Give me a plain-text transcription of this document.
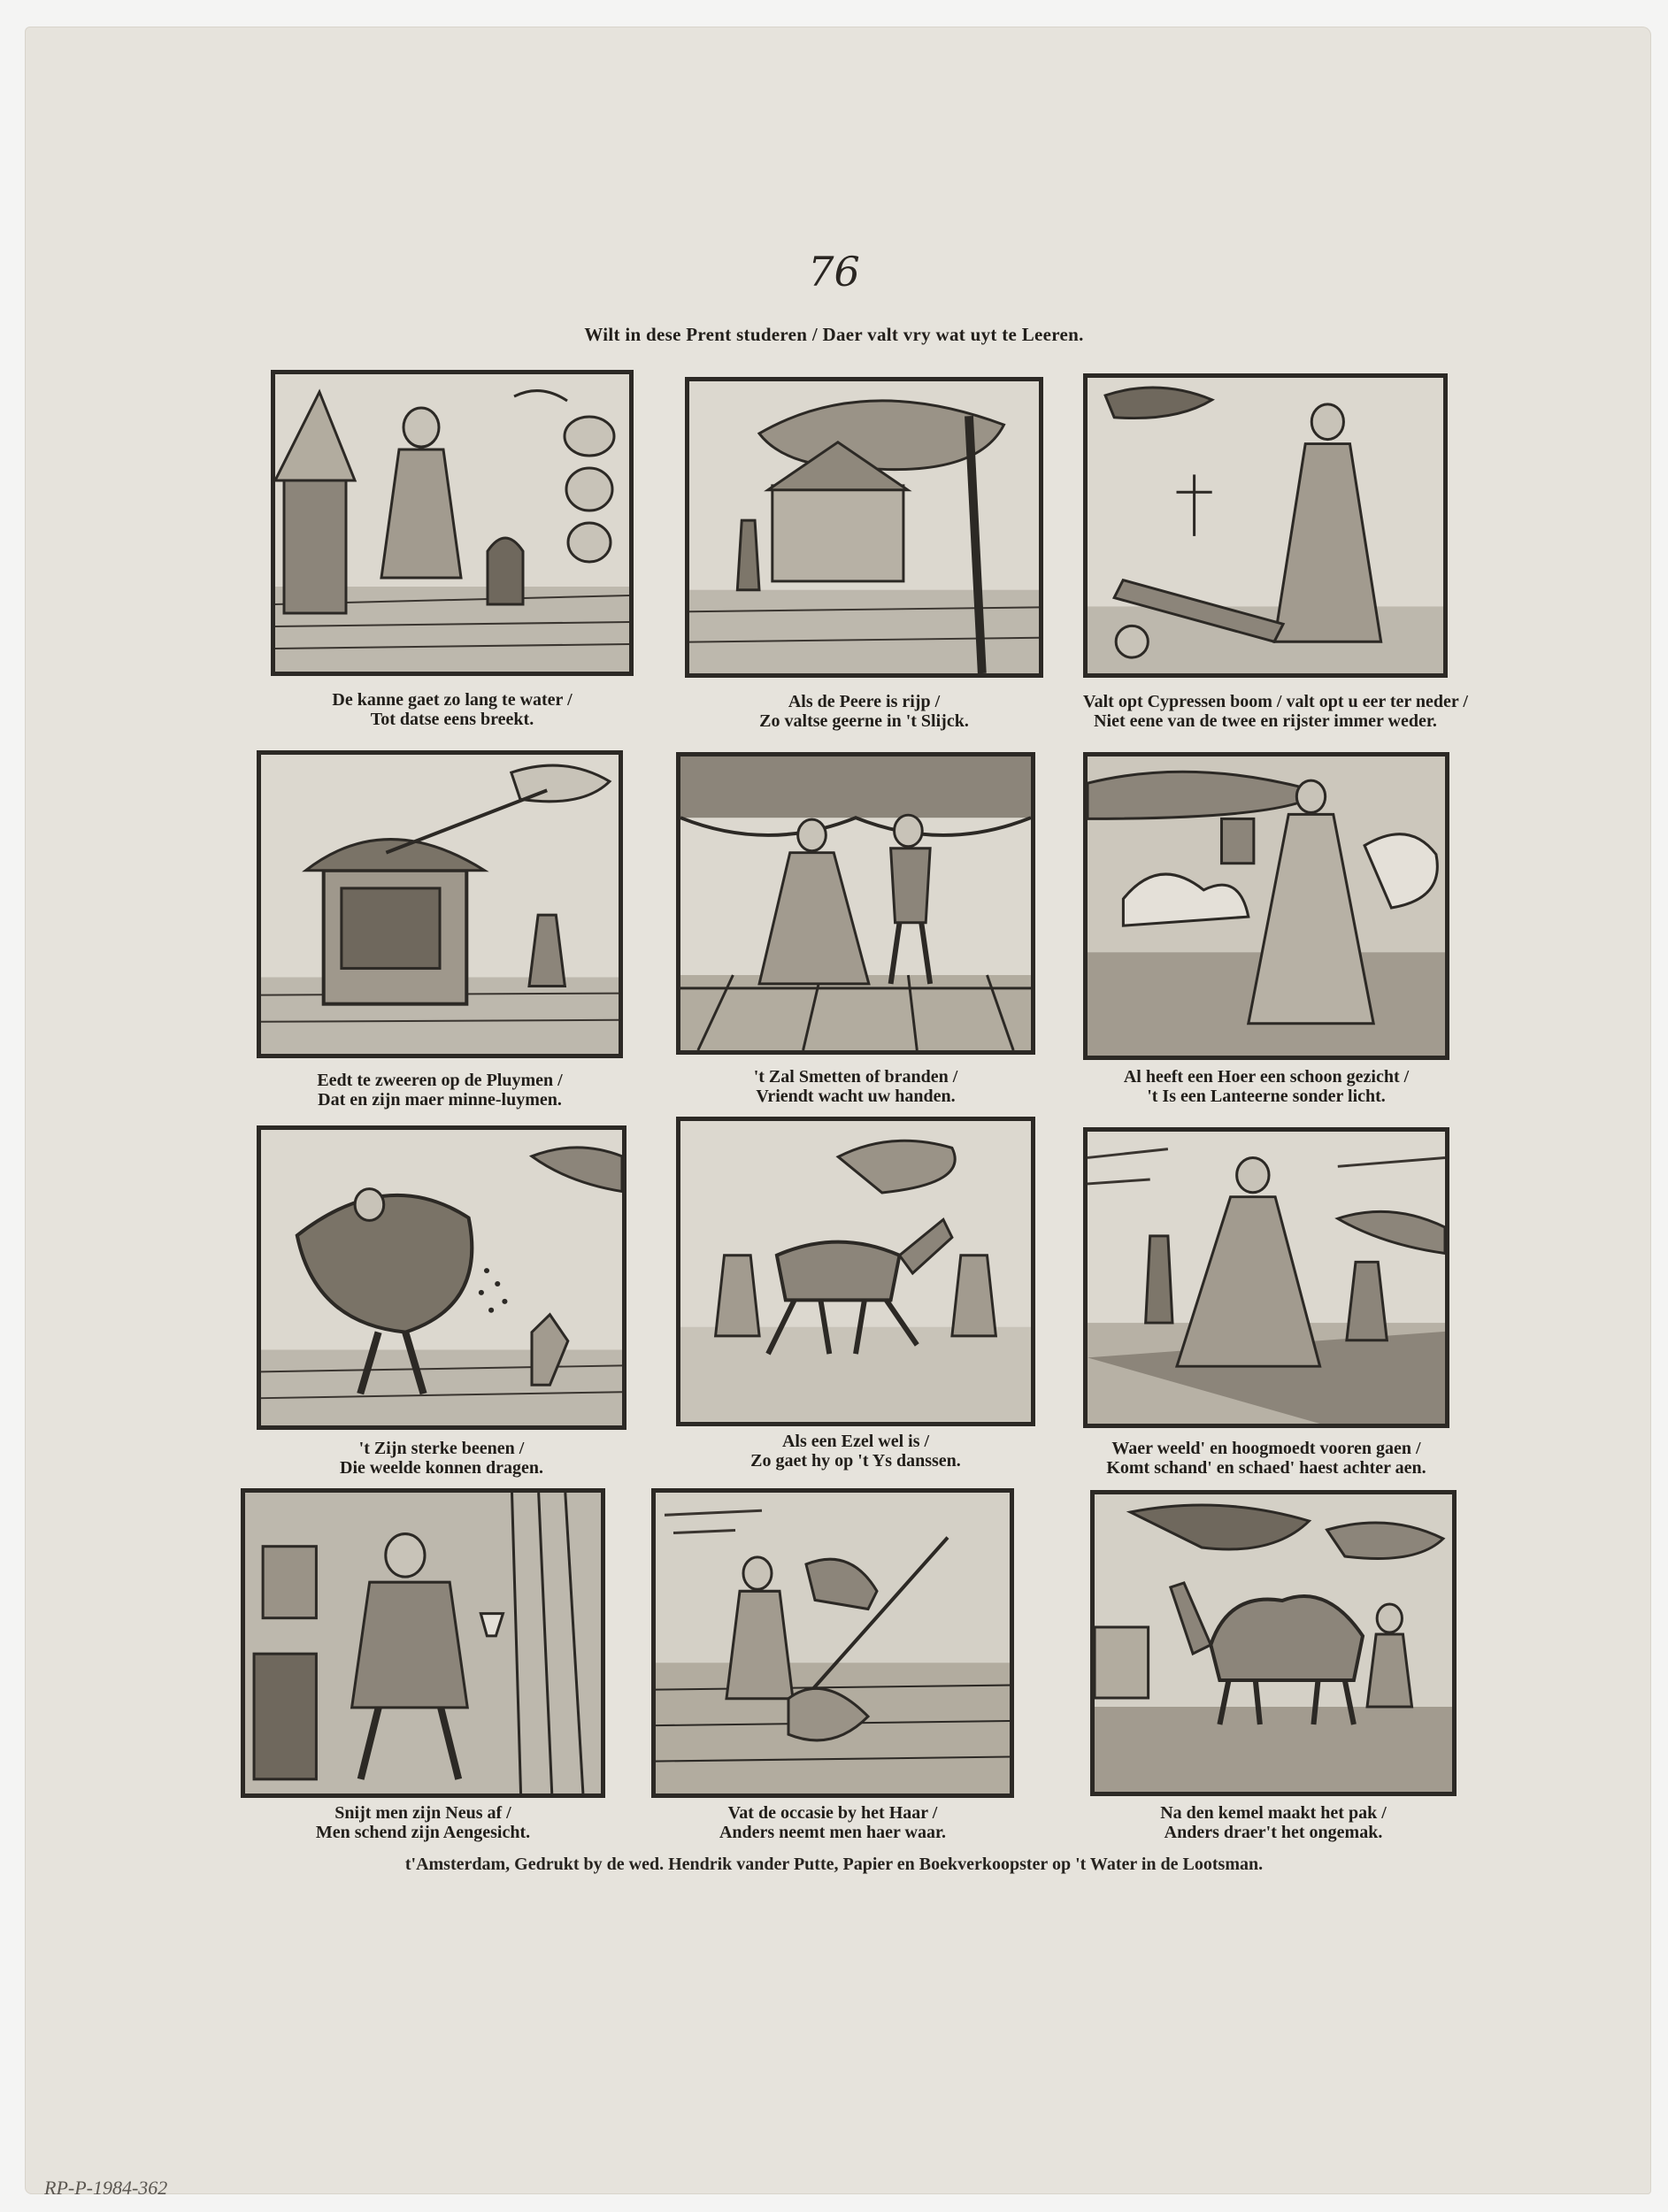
76
Wilt in dese Prent studeren / Daer valt vry wat uyt te Leeren.
De kanne gaet zo lang te water /
Tot datse eens breekt.
Als de Peere is rijp /
Zo valtse geerne in 't Slijck.
Valt opt Cypressen boom / valt opt u eer ter neder /
Niet eene van de twee en rijster immer weder.
Eedt te zweeren op de Pluymen /
Dat en zijn maer minne-luymen.
't Zal Smetten of branden /
Vriendt wacht uw handen.
Al heeft een Hoer een schoon gezicht /
't Is een Lanteerne sonder licht.
't Zijn sterke beenen /
Die weelde konnen dragen.
Als een Ezel wel is /
Zo gaet hy op 't Ys danssen.
Waer weeld' en hoogmoedt vooren gaen /
Komt schand' en schaed' haest achter aen.
Snijt men zijn Neus af /
Men schend zijn Aengesicht.
Vat de occasie by het Haar /
Anders neemt men haer waar.
Na den kemel maakt het pak /
Anders draer't het ongemak.
t'Amsterdam, Gedrukt by de wed. Hendrik vander Putte, Papier en Boekverkoopster op 't Water in de Lootsman.
RP-P-1984-362
